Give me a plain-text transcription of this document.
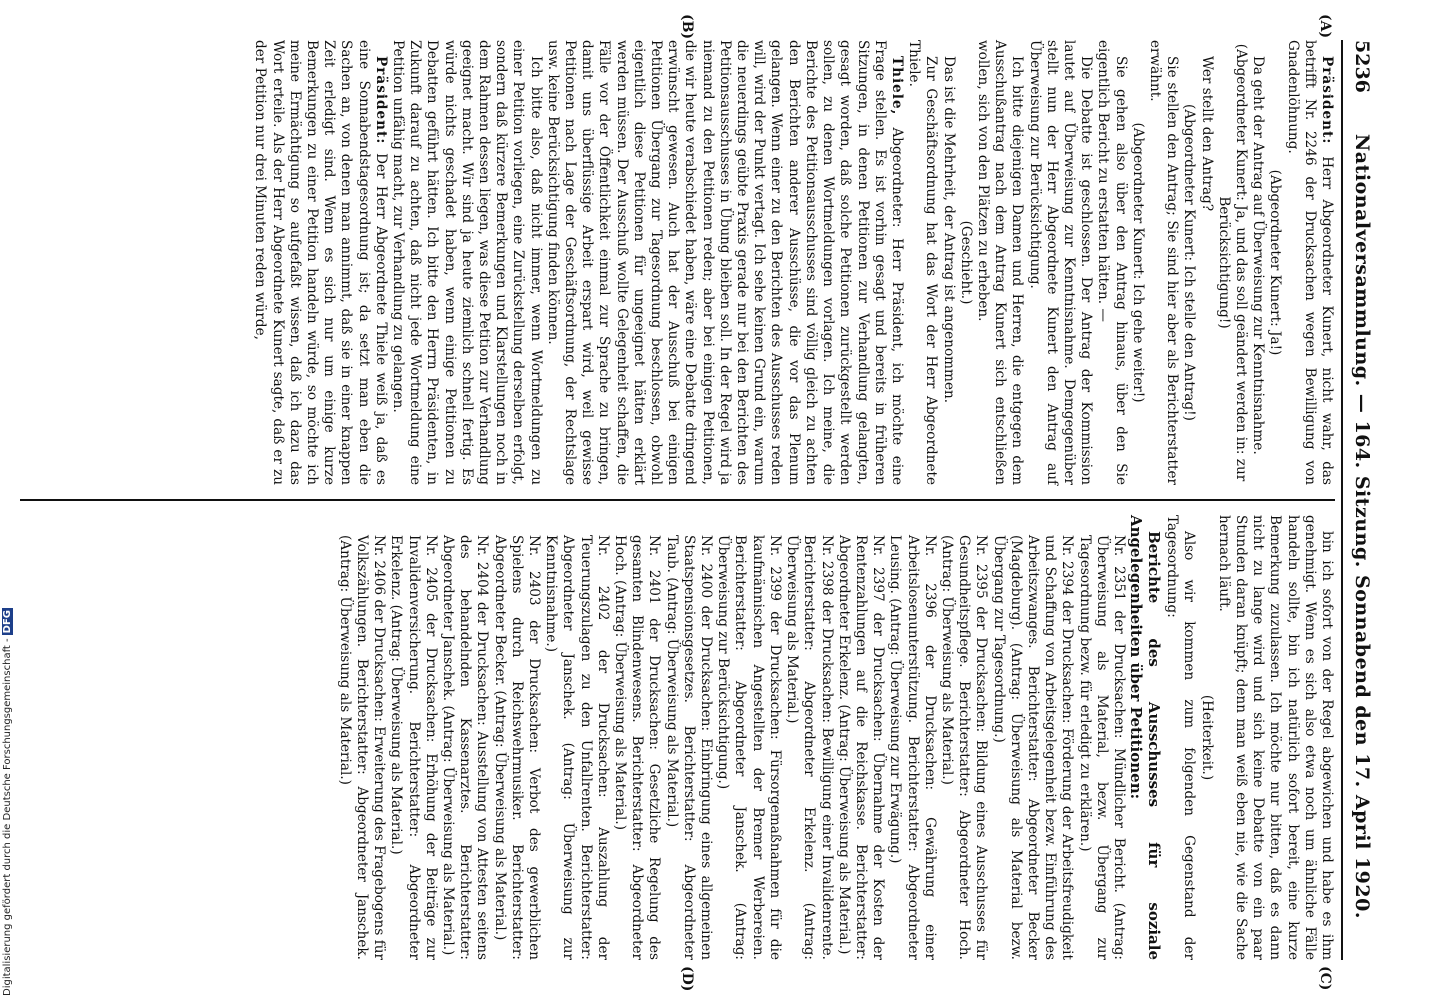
5236
Nationalversammlung. — 164. Sitzung. Sonnabend den 17. April 1920.
(A)
(B)
(C)
(D)

Präsident: Herr Abgeordneter Kunert, nicht wahr, das betrifft Nr. 2246 der Drucksachen wegen Bewilligung von Gnadenlöhnung.

(Abgeordneter Kunert: Ja!)

Da geht der Antrag auf Überweisung zur Kenntnisnahme.

(Abgeordneter Kunert: Ja, und das soll geändert werden in: zur Berücksichtigung!)

Wer stellt den Antrag?

(Abgeordneter Kunert: Ich stelle den Antrag!)

Sie stellen den Antrag; Sie sind hier aber als Berichterstatter erwähnt.

(Abgeordneter Kunert: Ich gehe weiter!)

Sie gehen also über den Antrag hinaus, über den Sie eigentlich Bericht zu erstatten hätten. —

Die Debatte ist geschlossen. Der Antrag der Kommission lautet auf Überweisung zur Kenntnisnahme. Demgegenüber stellt nun der Herr Abgeordnete Kunert den Antrag auf Überweisung zur Berücksichtigung.

Ich bitte diejenigen Damen und Herren, die entgegen dem Ausschußantrag nach dem Antrag Kunert sich entschließen wollen, sich von den Plätzen zu erheben.

(Geschieht.)

Das ist die Mehrheit, der Antrag ist angenommen.

Zur Geschäftsordnung hat das Wort der Herr Abgeordnete Thiele.

Thiele, Abgeordneter: Herr Präsident, ich möchte eine Frage stellen. Es ist vorhin gesagt und bereits in früheren Sitzungen, in denen Petitionen zur Verhandlung gelangten, gesagt worden, daß solche Petitionen zurückgestellt werden sollen, zu denen Wortmeldungen vorlagen. Ich meine, die Berichte des Petitionsausschusses sind völlig gleich zu achten den Berichten anderer Ausschüsse, die vor das Plenum gelangen. Wenn einer zu den Berichten des Ausschusses reden will, wird der Punkt vertagt. Ich sehe keinen Grund ein, warum die neuerdings geübte Praxis gerade nur bei den Berichten des Petitionsausschusses in Übung bleiben soll. In der Regel wird ja niemand zu den Petitionen reden; aber bei einigen Petitionen, die wir heute verabschiedet haben, wäre eine Debatte dringend erwünscht gewesen. Auch hat der Ausschuß bei einigen Petitionen Übergang zur Tagesordnung beschlossen, obwohl eigentlich diese Petitionen für ungeeignet hätten erklärt werden müssen. Der Ausschuß wollte Gelegenheit schaffen, die Fälle vor der Öffentlichkeit einmal zur Sprache zu bringen, damit uns überflüssige Arbeit erspart wird, weil gewisse Petitionen nach Lage der Geschäftsordnung, der Rechtslage usw. keine Berücksichtigung finden können.

Ich bitte also, daß nicht immer, wenn Wortmeldungen zu einer Petition vorliegen, eine Zurückstellung derselben erfolgt, sondern daß kürzere Bemerkungen und Klarstellungen noch in dem Rahmen dessen liegen, was diese Petition zur Verhandlung geeignet macht. Wir sind ja heute ziemlich schnell fertig. Es würde nichts geschadet haben, wenn einige Petitionen zu Debatten geführt hätten. Ich bitte den Herrn Präsidenten, in Zukunft darauf zu achten, daß nicht jede Wortmeldung eine Petition unfähig macht, zur Verhandlung zu gelangen.

Präsident: Der Herr Abgeordnete Thiele weiß ja, daß es eine Sonnabendstagesordnung ist; da setzt man eben die Sachen an, von denen man annimmt, daß sie in einer knappen Zeit erledigt sind. Wenn es sich nur um einige kurze Bemerkungen zu einer Petition handeln würde, so möchte ich meine Ermächtigung so aufgefaßt wissen, daß ich dazu das Wort erteile. Als der Herr Abgeordnete Kunert sagte, daß er zu der Petition nur drei Minuten reden würde,

bin ich sofort von der Regel abgewichen und habe es ihm genehmigt. Wenn es sich also etwa noch um ähnliche Fälle handeln sollte, bin ich natürlich sofort bereit, eine kurze Bemerkung zuzulassen. Ich möchte nur bitten, daß es dann nicht zu lange wird und sich keine Debatte von ein paar Stunden daran knüpft; denn man weiß eben nie, wie die Sache hernach läuft.

(Heiterkeit.)

Also wir kommen zum folgenden Gegenstand der Tagesordnung:

Berichte des Ausschusses für soziale Angelegenheiten über Petitionen:

Nr. 2351 der Drucksachen: Mündlicher Bericht. (Antrag: Überweisung als Material, bezw. Übergang zur Tagesordnung bezw. für erledigt zu erklären.)

Nr. 2394 der Drucksachen: Förderung der Arbeitsfreudigkeit und Schaffung von Arbeitsgelegenheit bezw. Einführung des Arbeitszwanges. Berichterstatter: Abgeordneter Becker (Magdeburg). (Antrag: Überweisung als Material bezw. Übergang zur Tagesordnung.)

Nr. 2395 der Drucksachen: Bildung eines Ausschusses für Gesundheitspflege. Berichterstatter: Abgeordneter Hoch. (Antrag: Überweisung als Material.)

Nr. 2396 der Drucksachen: Gewährung einer Arbeitslosenunterstützung. Berichterstatter: Abgeordneter Leusing. (Antrag: Überweisung zur Erwägung.)

Nr. 2397 der Drucksachen: Übernahme der Kosten der Rentenzahlungen auf die Reichskasse. Berichterstatter: Abgeordneter Erkelenz. (Antrag: Überweisung als Material.)

Nr. 2398 der Drucksachen: Bewilligung einer Invalidenrente. Berichterstatter: Abgeordneter Erkelenz. (Antrag: Überweisung als Material.)

Nr. 2399 der Drucksachen: Fürsorgemaßnahmen für die kaufmännischen Angestellten der Bremer Werbereien. Berichterstatter: Abgeordneter Janschek. (Antrag: Überweisung zur Berücksichtigung.)

Nr. 2400 der Drucksachen: Einbringung eines allgemeinen Staatspensionsgesetzes. Berichterstatter: Abgeordneter Taub. (Antrag: Überweisung als Material.)

Nr. 2401 der Drucksachen: Gesetzliche Regelung des gesamten Blindenwesens. Berichterstatter: Abgeordneter Hoch. (Antrag: Überweisung als Material.)

Nr. 2402 der Drucksachen: Auszahlung der Teuerungszulagen zu den Unfallrenten. Berichterstatter: Abgeordneter Janschek. (Antrag: Überweisung zur Kenntnisnahme.)

Nr. 2403 der Drucksachen: Verbot des gewerblichen Spielens durch Reichswehrmusiker. Berichterstatter: Abgeordneter Becker. (Antrag: Überweisung als Material.)

Nr. 2404 der Drucksachen: Ausstellung von Attesten seitens des behandelnden Kassenarztes. Berichterstatter: Abgeordneter Janschek. (Antrag: Überweisung als Material.)

Nr. 2405 der Drucksachen: Erhöhung der Beiträge zur Invalidenversicherung. Berichterstatter: Abgeordneter Erkelenz. (Antrag: Überweisung als Material.)

Nr. 2406 der Drucksachen: Erweiterung des Fragebogens für Volkszählungen. Berichterstatter: Abgeordneter Janschek. (Antrag: Überweisung als Material.)

Digitalisierung gefördert durch die Deutsche Forschungsgemeinschaft -DFG
